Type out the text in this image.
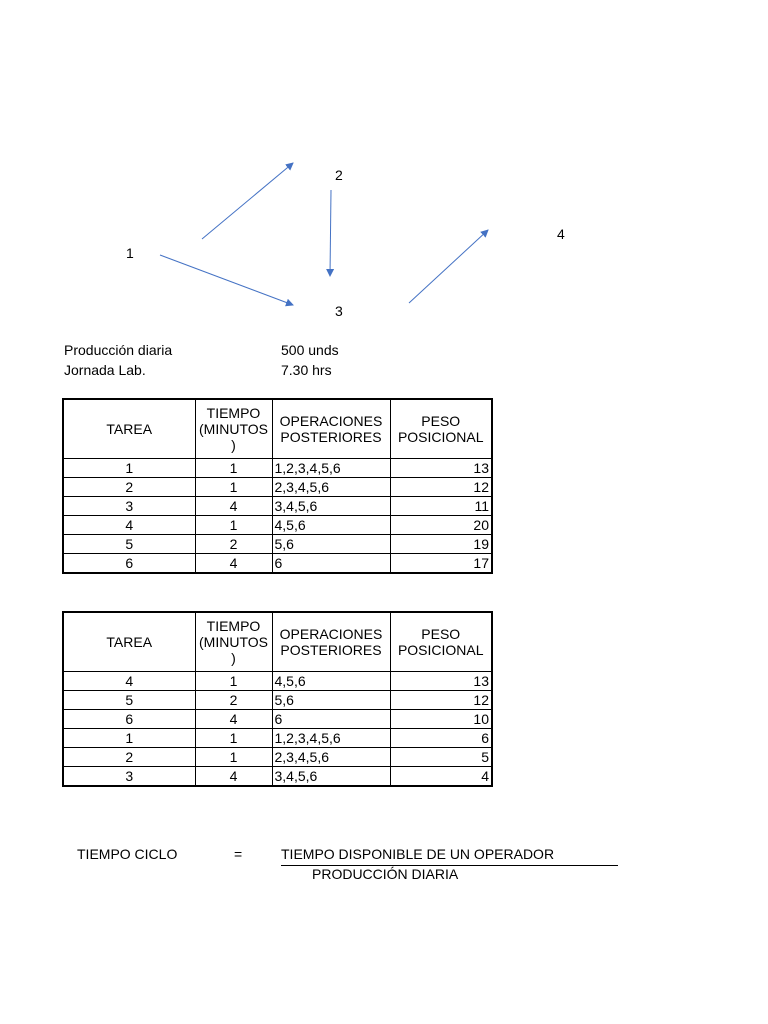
1
2
3
4
Producción diaria	500 unds
Jornada Lab.	7.30 hrs
TAREA	TIEMPO (MINUTOS )	OPERACIONES POSTERIORES	PESO POSICIONAL
1	1	1,2,3,4,5,6	13
2	1	2,3,4,5,6	12
3	4	3,4,5,6	11
4	1	4,5,6	20
5	2	5,6	19
6	4	6	17
TAREA	TIEMPO (MINUTOS )	OPERACIONES POSTERIORES	PESO POSICIONAL
4	1	4,5,6	13
5	2	5,6	12
6	4	6	10
1	1	1,2,3,4,5,6	6
2	1	2,3,4,5,6	5
3	4	3,4,5,6	4
TIEMPO CICLO	=	TIEMPO DISPONIBLE DE UN OPERADOR
PRODUCCIÓN DIARIA
